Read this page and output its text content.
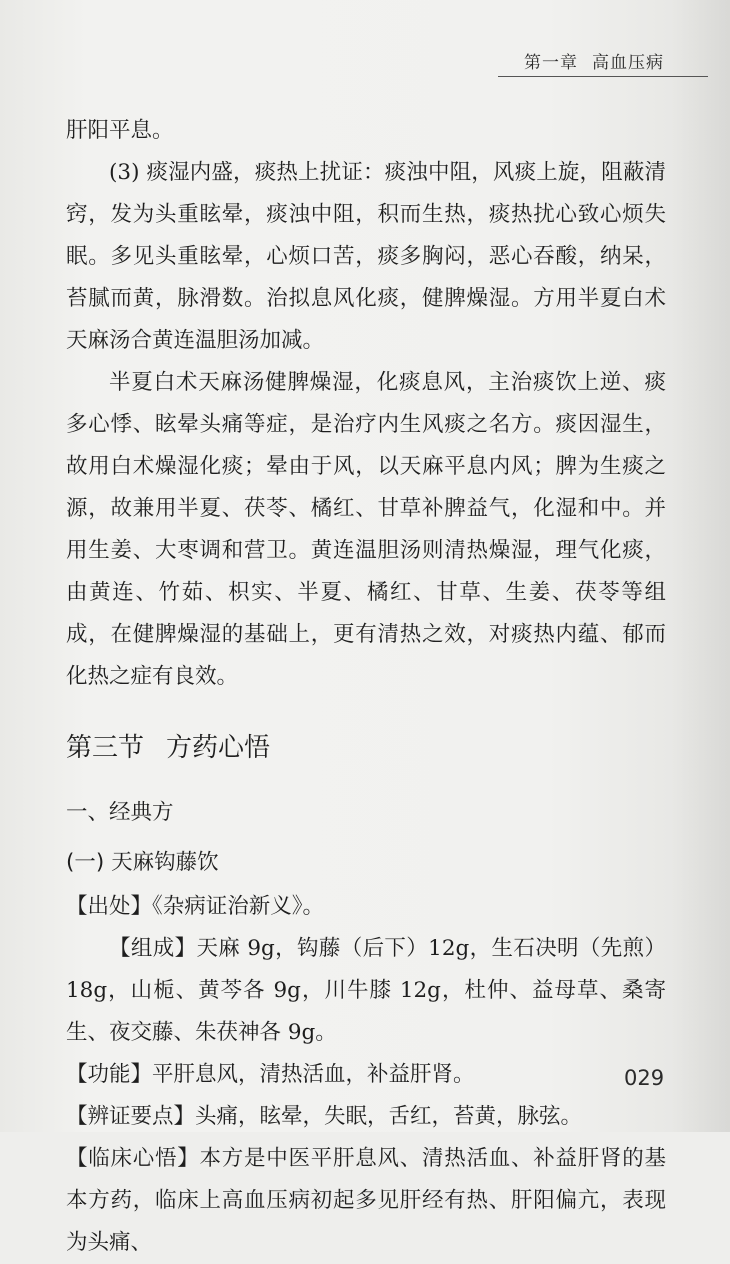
第一章 高血压病

肝阳平息。

(3) 痰湿内盛，痰热上扰证：痰浊中阻，风痰上旋，阻蔽清窍，发为头重眩晕，痰浊中阻，积而生热，痰热扰心致心烦失眠。多见头重眩晕，心烦口苦，痰多胸闷，恶心吞酸，纳呆，苔腻而黄，脉滑数。治拟息风化痰，健脾燥湿。方用半夏白术天麻汤合黄连温胆汤加减。

半夏白术天麻汤健脾燥湿，化痰息风，主治痰饮上逆、痰多心悸、眩晕头痛等症，是治疗内生风痰之名方。痰因湿生，故用白术燥湿化痰；晕由于风，以天麻平息内风；脾为生痰之源，故兼用半夏、茯苓、橘红、甘草补脾益气，化湿和中。并用生姜、大枣调和营卫。黄连温胆汤则清热燥湿，理气化痰，由黄连、竹茹、枳实、半夏、橘红、甘草、生姜、茯苓等组成，在健脾燥湿的基础上，更有清热之效，对痰热内蕴、郁而化热之症有良效。

第三节 方药心悟
一、经典方
(一) 天麻钩藤饮

【出处】《杂病证治新义》。

【组成】天麻 9g，钩藤（后下）12g，生石决明（先煎）18g，山栀、黄芩各 9g，川牛膝 12g，杜仲、益母草、桑寄生、夜交藤、朱茯神各 9g。

【功能】平肝息风，清热活血，补益肝肾。

【辨证要点】头痛，眩晕，失眠，舌红，苔黄，脉弦。

【临床心悟】本方是中医平肝息风、清热活血、补益肝肾的基本方药，临床上高血压病初起多见肝经有热、肝阳偏亢，表现为头痛、

029
